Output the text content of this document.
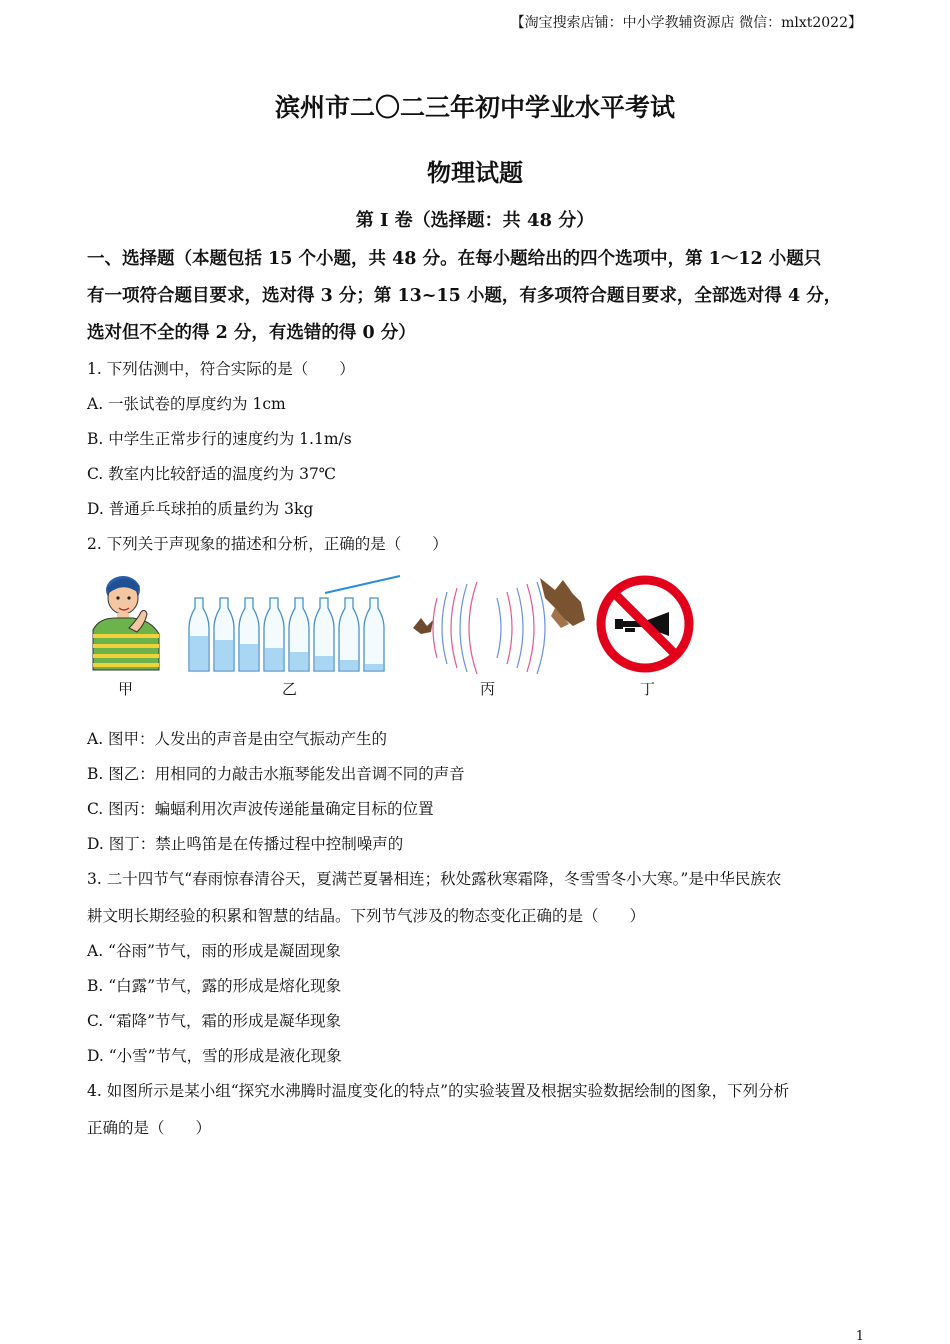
【淘宝搜索店铺：中小学教辅资源店 微信：mlxt2022】
滨州市二〇二三年初中学业水平考试
物理试题
第 I 卷（选择题：共 48 分）
一、选择题（本题包括 15 个小题，共 48 分。在每小题给出的四个选项中，第 1～12 小题只
有一项符合题目要求，选对得 3 分；第 13~15 小题，有多项符合题目要求，全部选对得 4 分，
选对但不全的得 2 分，有选错的得 0 分）
1. 下列估测中，符合实际的是（　　）
A. 一张试卷的厚度约为 1cm
B. 中学生正常步行的速度约为 1.1m/s
C. 教室内比较舒适的温度约为 37℃
D. 普通乒乓球拍的质量约为 3kg
2. 下列关于声现象的描述和分析，正确的是（　　）
甲	乙	丙	丁
A. 图甲：人发出的声音是由空气振动产生的
B. 图乙：用相同的力敲击水瓶琴能发出音调不同的声音
C. 图丙：蝙蝠利用次声波传递能量确定目标的位置
D. 图丁：禁止鸣笛是在传播过程中控制噪声的
3. 二十四节气“春雨惊春清谷天，夏满芒夏暑相连；秋处露秋寒霜降，冬雪雪冬小大寒。”是中华民族农
耕文明长期经验的积累和智慧的结晶。下列节气涉及的物态变化正确的是（　　）
A. “谷雨”节气，雨的形成是凝固现象
B. “白露”节气，露的形成是熔化现象
C. “霜降”节气，霜的形成是凝华现象
D. “小雪”节气，雪的形成是液化现象
4. 如图所示是某小组“探究水沸腾时温度变化的特点”的实验装置及根据实验数据绘制的图象，下列分析
正确的是（　　）
1
